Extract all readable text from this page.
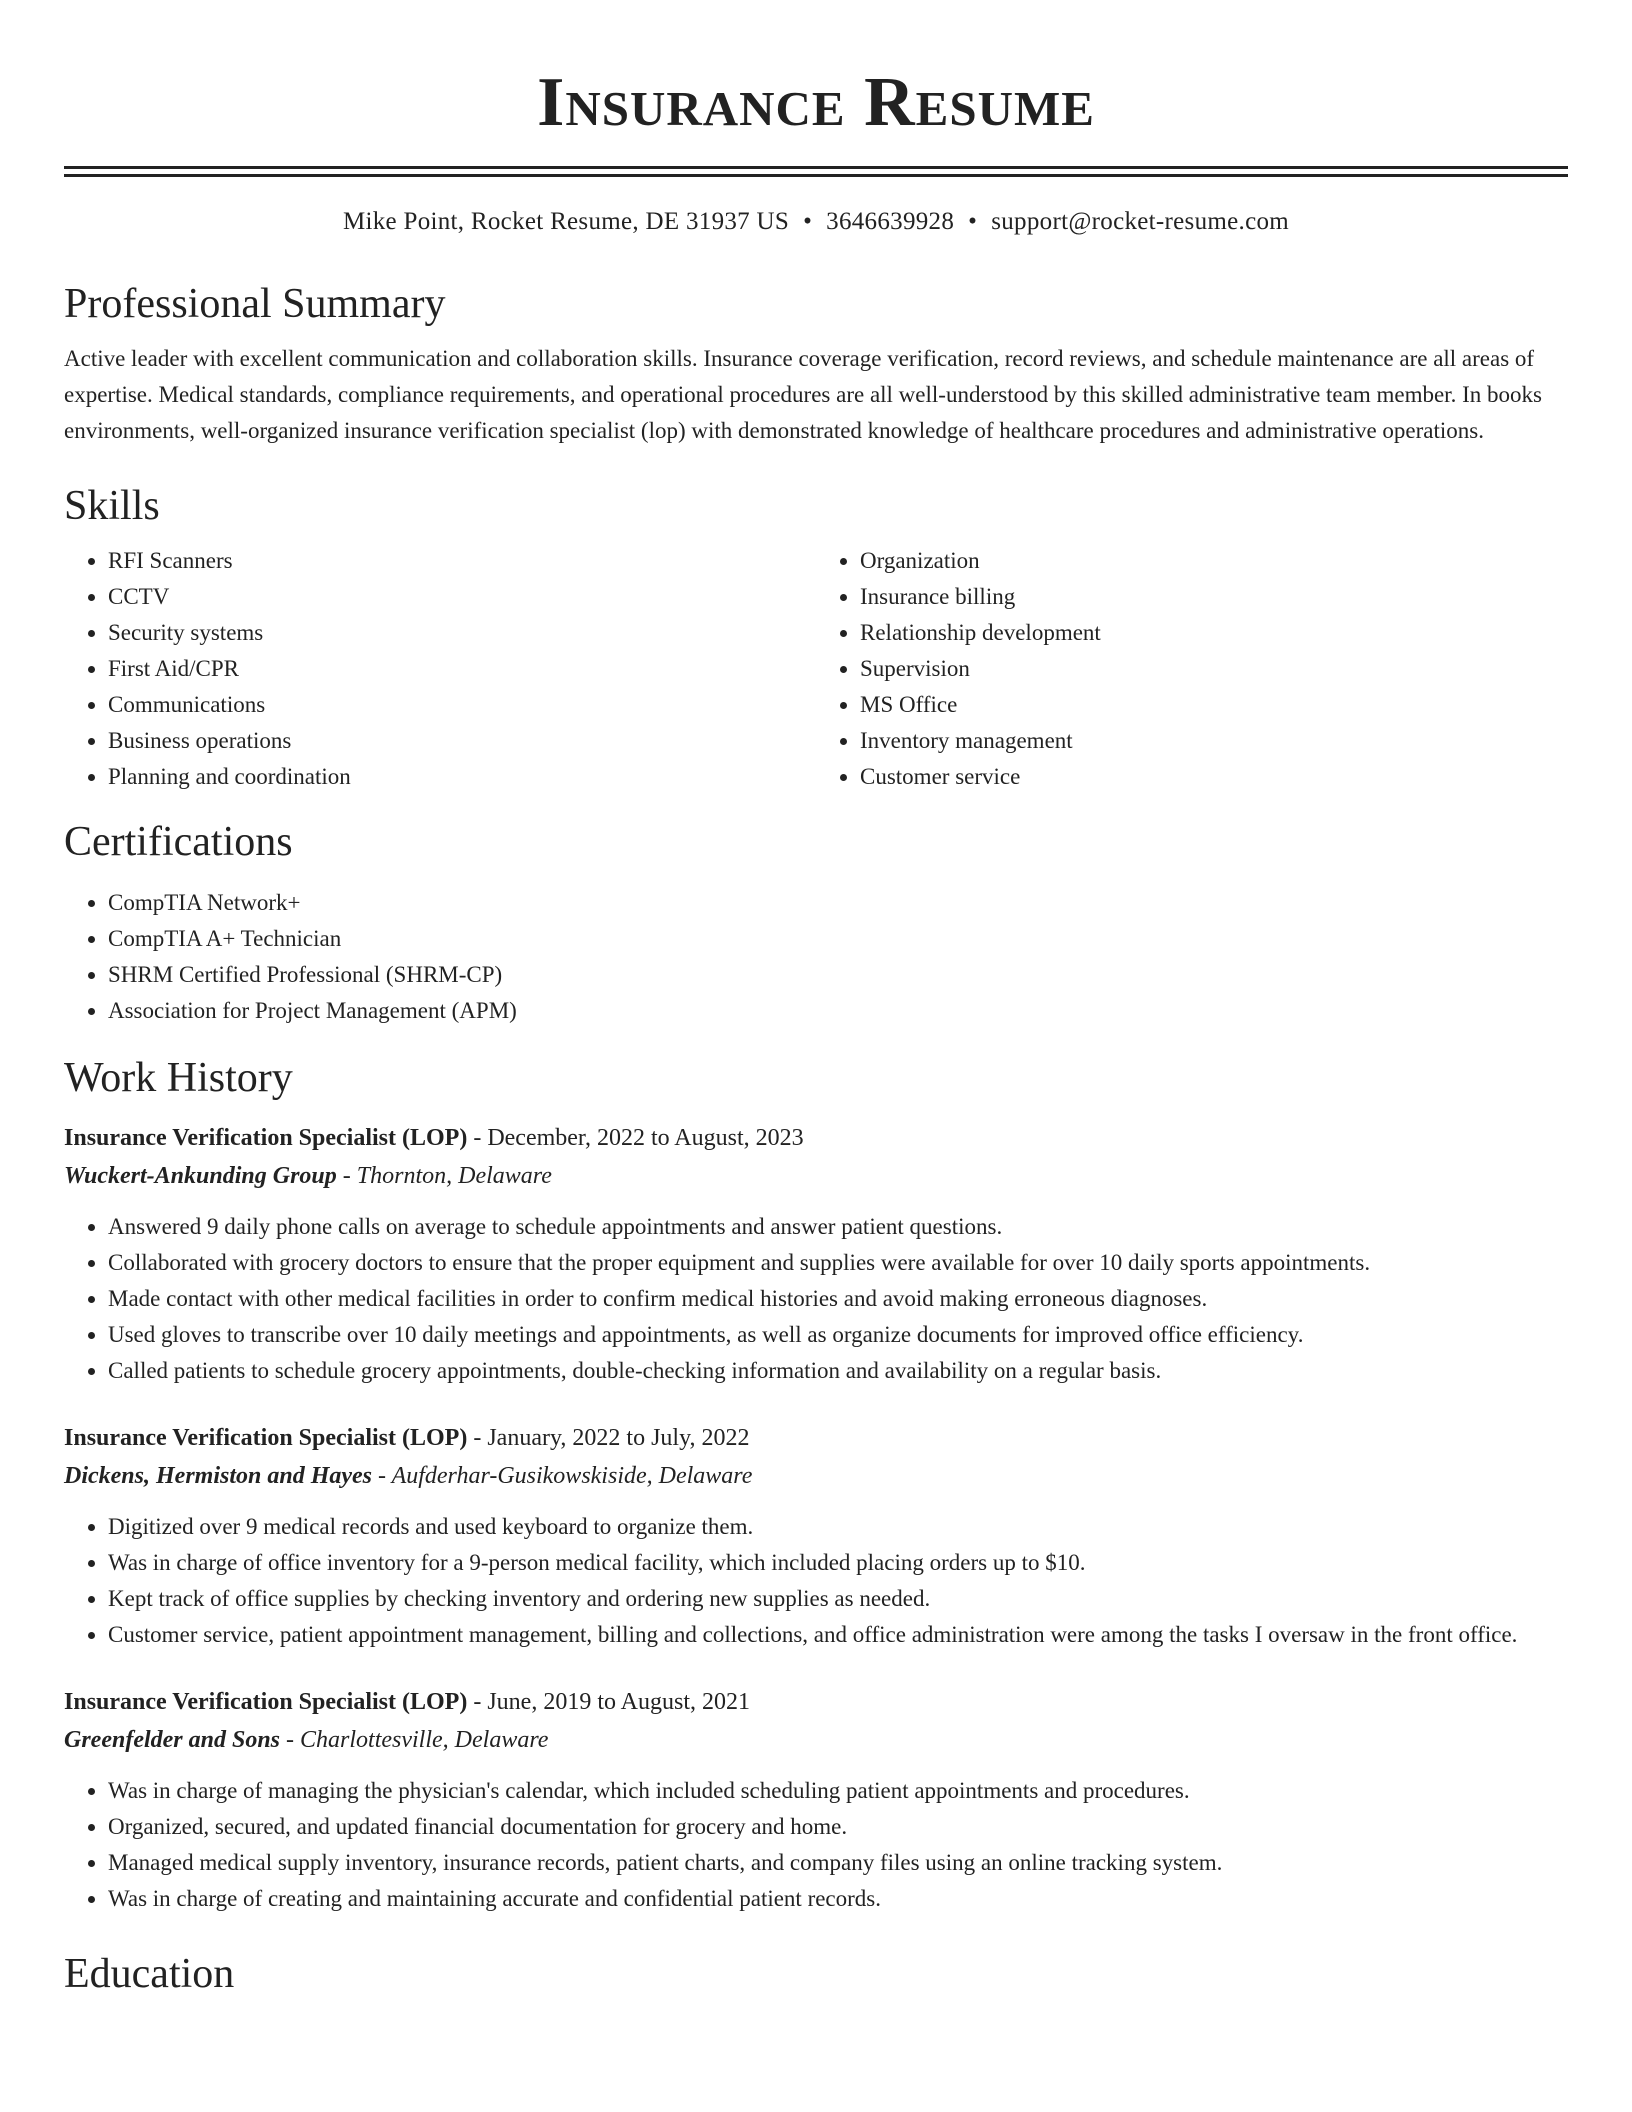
Insurance Resume
Mike Point, Rocket Resume, DE 31937 US • 3646639928 • support@rocket-resume.com
Professional Summary

Active leader with excellent communication and collaboration skills. Insurance coverage verification, record reviews, and schedule maintenance are all areas of expertise. Medical standards, compliance requirements, and operational procedures are all well-understood by this skilled administrative team member. In books environments, well-organized insurance verification specialist (lop) with demonstrated knowledge of healthcare procedures and administrative operations.

Skills
• RFI Scanners
• CCTV
• Security systems
• First Aid/CPR
• Communications
• Business operations
• Planning and coordination
• Organization
• Insurance billing
• Relationship development
• Supervision
• MS Office
• Inventory management
• Customer service
Certifications
• CompTIA Network+
• CompTIA A+ Technician
• SHRM Certified Professional (SHRM-CP)
• Association for Project Management (APM)
Work History
Insurance Verification Specialist (LOP) - December, 2022 to August, 2023
Wuckert-Ankunding Group - Thornton, Delaware
• Answered 9 daily phone calls on average to schedule appointments and answer patient questions.
• Collaborated with grocery doctors to ensure that the proper equipment and supplies were available for over 10 daily sports appointments.
• Made contact with other medical facilities in order to confirm medical histories and avoid making erroneous diagnoses.
• Used gloves to transcribe over 10 daily meetings and appointments, as well as organize documents for improved office efficiency.
• Called patients to schedule grocery appointments, double-checking information and availability on a regular basis.
Insurance Verification Specialist (LOP) - January, 2022 to July, 2022
Dickens, Hermiston and Hayes - Aufderhar-Gusikowskiside, Delaware
• Digitized over 9 medical records and used keyboard to organize them.
• Was in charge of office inventory for a 9-person medical facility, which included placing orders up to $10.
• Kept track of office supplies by checking inventory and ordering new supplies as needed.
• Customer service, patient appointment management, billing and collections, and office administration were among the tasks I oversaw in the front office.
Insurance Verification Specialist (LOP) - June, 2019 to August, 2021
Greenfelder and Sons - Charlottesville, Delaware
• Was in charge of managing the physician's calendar, which included scheduling patient appointments and procedures.
• Organized, secured, and updated financial documentation for grocery and home.
• Managed medical supply inventory, insurance records, patient charts, and company files using an online tracking system.
• Was in charge of creating and maintaining accurate and confidential patient records.
Education
